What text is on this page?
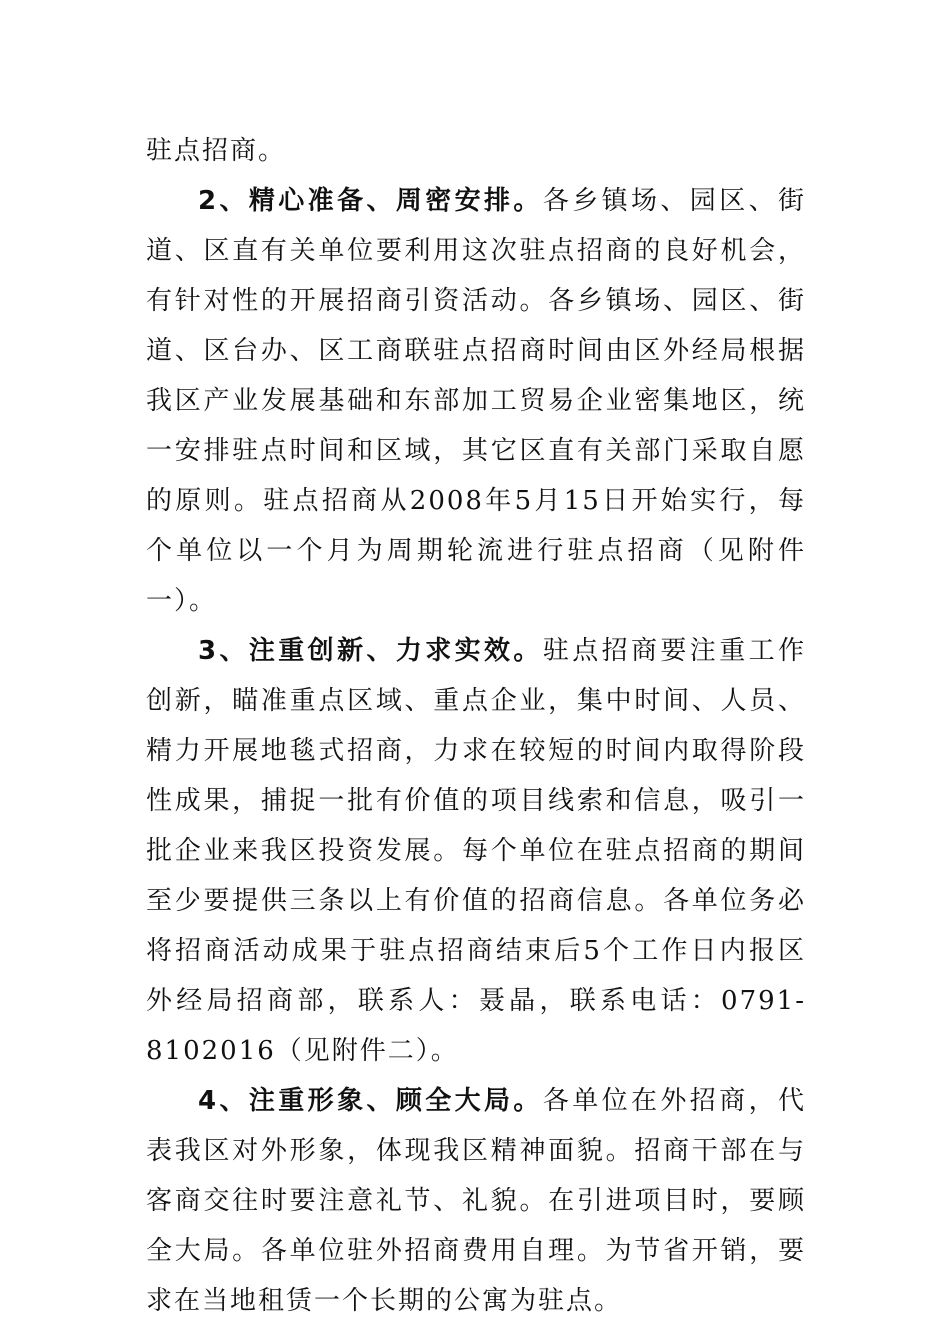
驻点招商。

2、精心准备、周密安排。各乡镇场、园区、街道、区直有关单位要利用这次驻点招商的良好机会，有针对性的开展招商引资活动。各乡镇场、园区、街道、区台办、区工商联驻点招商时间由区外经局根据我区产业发展基础和东部加工贸易企业密集地区，统一安排驻点时间和区域，其它区直有关部门采取自愿的原则。驻点招商从2008年5月15日开始实行，每个单位以一个月为周期轮流进行驻点招商（见附件一）。

3、注重创新、力求实效。驻点招商要注重工作创新，瞄准重点区域、重点企业，集中时间、人员、精力开展地毯式招商，力求在较短的时间内取得阶段性成果，捕捉一批有价值的项目线索和信息，吸引一批企业来我区投资发展。每个单位在驻点招商的期间至少要提供三条以上有价值的招商信息。各单位务必将招商活动成果于驻点招商结束后5个工作日内报区外经局招商部，联系人：聂晶，联系电话：0791-8102016（见附件二）。

4、注重形象、顾全大局。各单位在外招商，代表我区对外形象，体现我区精神面貌。招商干部在与客商交往时要注意礼节、礼貌。在引进项目时，要顾全大局。各单位驻外招商费用自理。为节省开销，要求在当地租赁一个长期的公寓为驻点。
